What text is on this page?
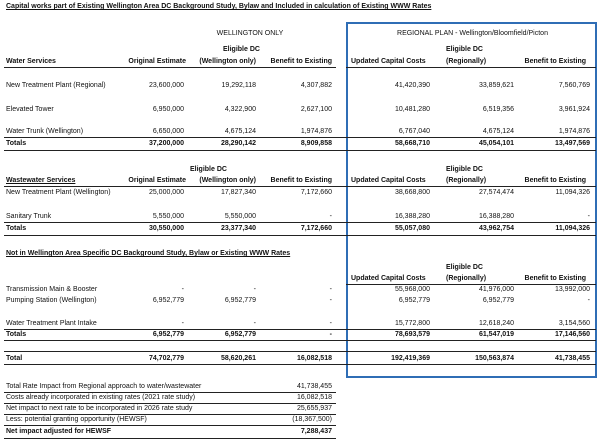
Capital works part of Existing Wellington Area DC Background Study, Bylaw and Included in calculation of Existing WWW Rates
WELLINGTON ONLY	REGIONAL PLAN - Wellington/Bloomfield/Picton
Eligible DC	Eligible DC
Water Services	Original Estimate	(Wellington only)	Benefit to Existing	Updated Capital Costs	(Regionally)	Benefit to Existing
New Treatment Plant (Regional)	23,600,000	19,292,118	4,307,882	41,420,390	33,859,621	7,560,769
Elevated Tower	6,950,000	4,322,900	2,627,100	10,481,280	6,519,356	3,961,924
Water Trunk (Wellington)	6,650,000	4,675,124	1,974,876	6,767,040	4,675,124	1,974,876
Totals	37,200,000	28,290,142	8,909,858	58,668,710	45,054,101	13,497,569
Eligible DC	Eligible DC
Wastewater Services	Original Estimate	(Wellington only)	Benefit to Existing	Updated Capital Costs	(Regionally)	Benefit to Existing
New Treatment Plant (Wellington)	25,000,000	17,827,340	7,172,660	38,668,800	27,574,474	11,094,326
Sanitary Trunk	5,550,000	5,550,000	-	16,388,280	16,388,280	-
Totals	30,550,000	23,377,340	7,172,660	55,057,080	43,962,754	11,094,326
Not in Wellington Area Specific DC Background Study, Bylaw or Existing WWW Rates
Eligible DC
Updated Capital Costs	(Regionally)	Benefit to Existing
Transmission Main & Booster	-	-	-	55,968,000	41,976,000	13,992,000
Pumping Station (Wellington)	6,952,779	6,952,779	-	6,952,779	6,952,779	-
Water Treatment Plant Intake	-	-	-	15,772,800	12,618,240	3,154,560
Totals	6,952,779	6,952,779	-	78,693,579	61,547,019	17,146,560
Total	74,702,779	58,620,261	16,082,518	192,419,369	150,563,874	41,738,455
Total Rate Impact from Regional approach to water/wastewater	41,738,455
Costs already incorporated in existing rates (2021 rate study)	16,082,518
Net impact to next rate to be incorporated in 2026 rate study	25,655,937
Less: potential granting opportunity (HEWSF)	(18,367,500)
Net impact adjusted for HEWSF	7,288,437
